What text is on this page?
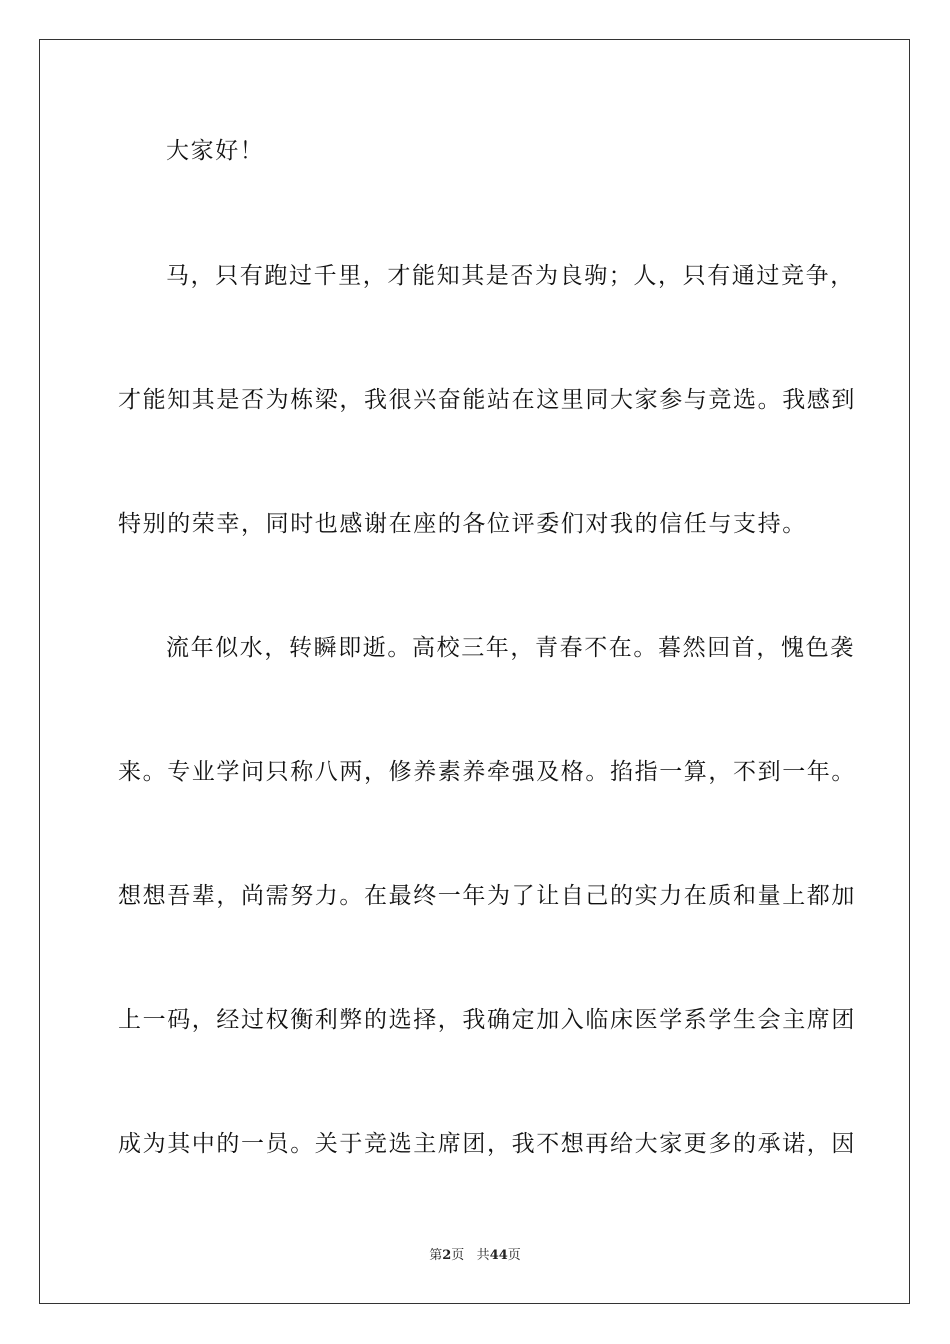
大家好！
马，只有跑过千里，才能知其是否为良驹；人，只有通过竞争，
才能知其是否为栋梁，我很兴奋能站在这里同大家参与竞选。我感到
特别的荣幸，同时也感谢在座的各位评委们对我的信任与支持。
流年似水，转瞬即逝。高校三年，青春不在。暮然回首，愧色袭
来。专业学问只称八两，修养素养牵强及格。掐指一算，不到一年。
想想吾辈，尚需努力。在最终一年为了让自己的实力在质和量上都加
上一码，经过权衡利弊的选择，我确定加入临床医学系学生会主席团
成为其中的一员。关于竞选主席团，我不想再给大家更多的承诺，因
第2页 共44页
